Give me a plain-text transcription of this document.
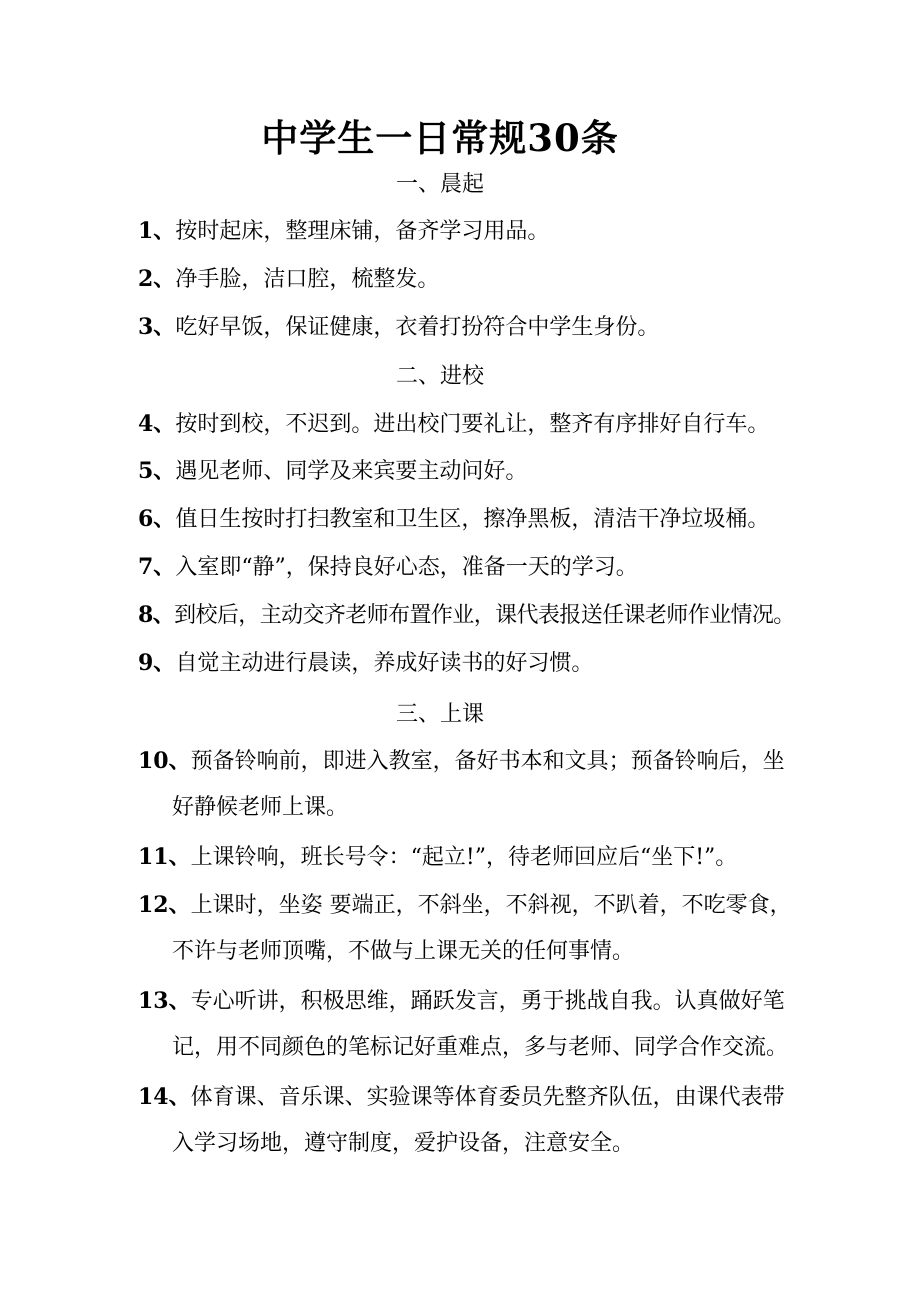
中学生一日常规30条
一、晨起
1、按时起床，整理床铺，备齐学习用品。
2、净手脸，洁口腔，梳整发。
3、吃好早饭，保证健康，衣着打扮符合中学生身份。
二、进校
4、按时到校，不迟到。进出校门要礼让，整齐有序排好自行车。
5、遇见老师、同学及来宾要主动问好。
6、值日生按时打扫教室和卫生区，擦净黑板，清洁干净垃圾桶。
7、入室即“静”，保持良好心态，准备一天的学习。
8、到校后，主动交齐老师布置作业，课代表报送任课老师作业情况。
9、自觉主动进行晨读，养成好读书的好习惯。
三、上课
10、预备铃响前，即进入教室，备好书本和文具；预备铃响后，坐
好静候老师上课。
11、上课铃响，班长号令：“起立!”，待老师回应后“坐下!”。
12、上课时，坐姿 要端正，不斜坐，不斜视，不趴着，不吃零食，
不许与老师顶嘴，不做与上课无关的任何事情。
13、专心听讲，积极思维，踊跃发言，勇于挑战自我。认真做好笔
记，用不同颜色的笔标记好重难点，多与老师、同学合作交流。
14、体育课、音乐课、实验课等体育委员先整齐队伍，由课代表带
入学习场地，遵守制度，爱护设备，注意安全。
